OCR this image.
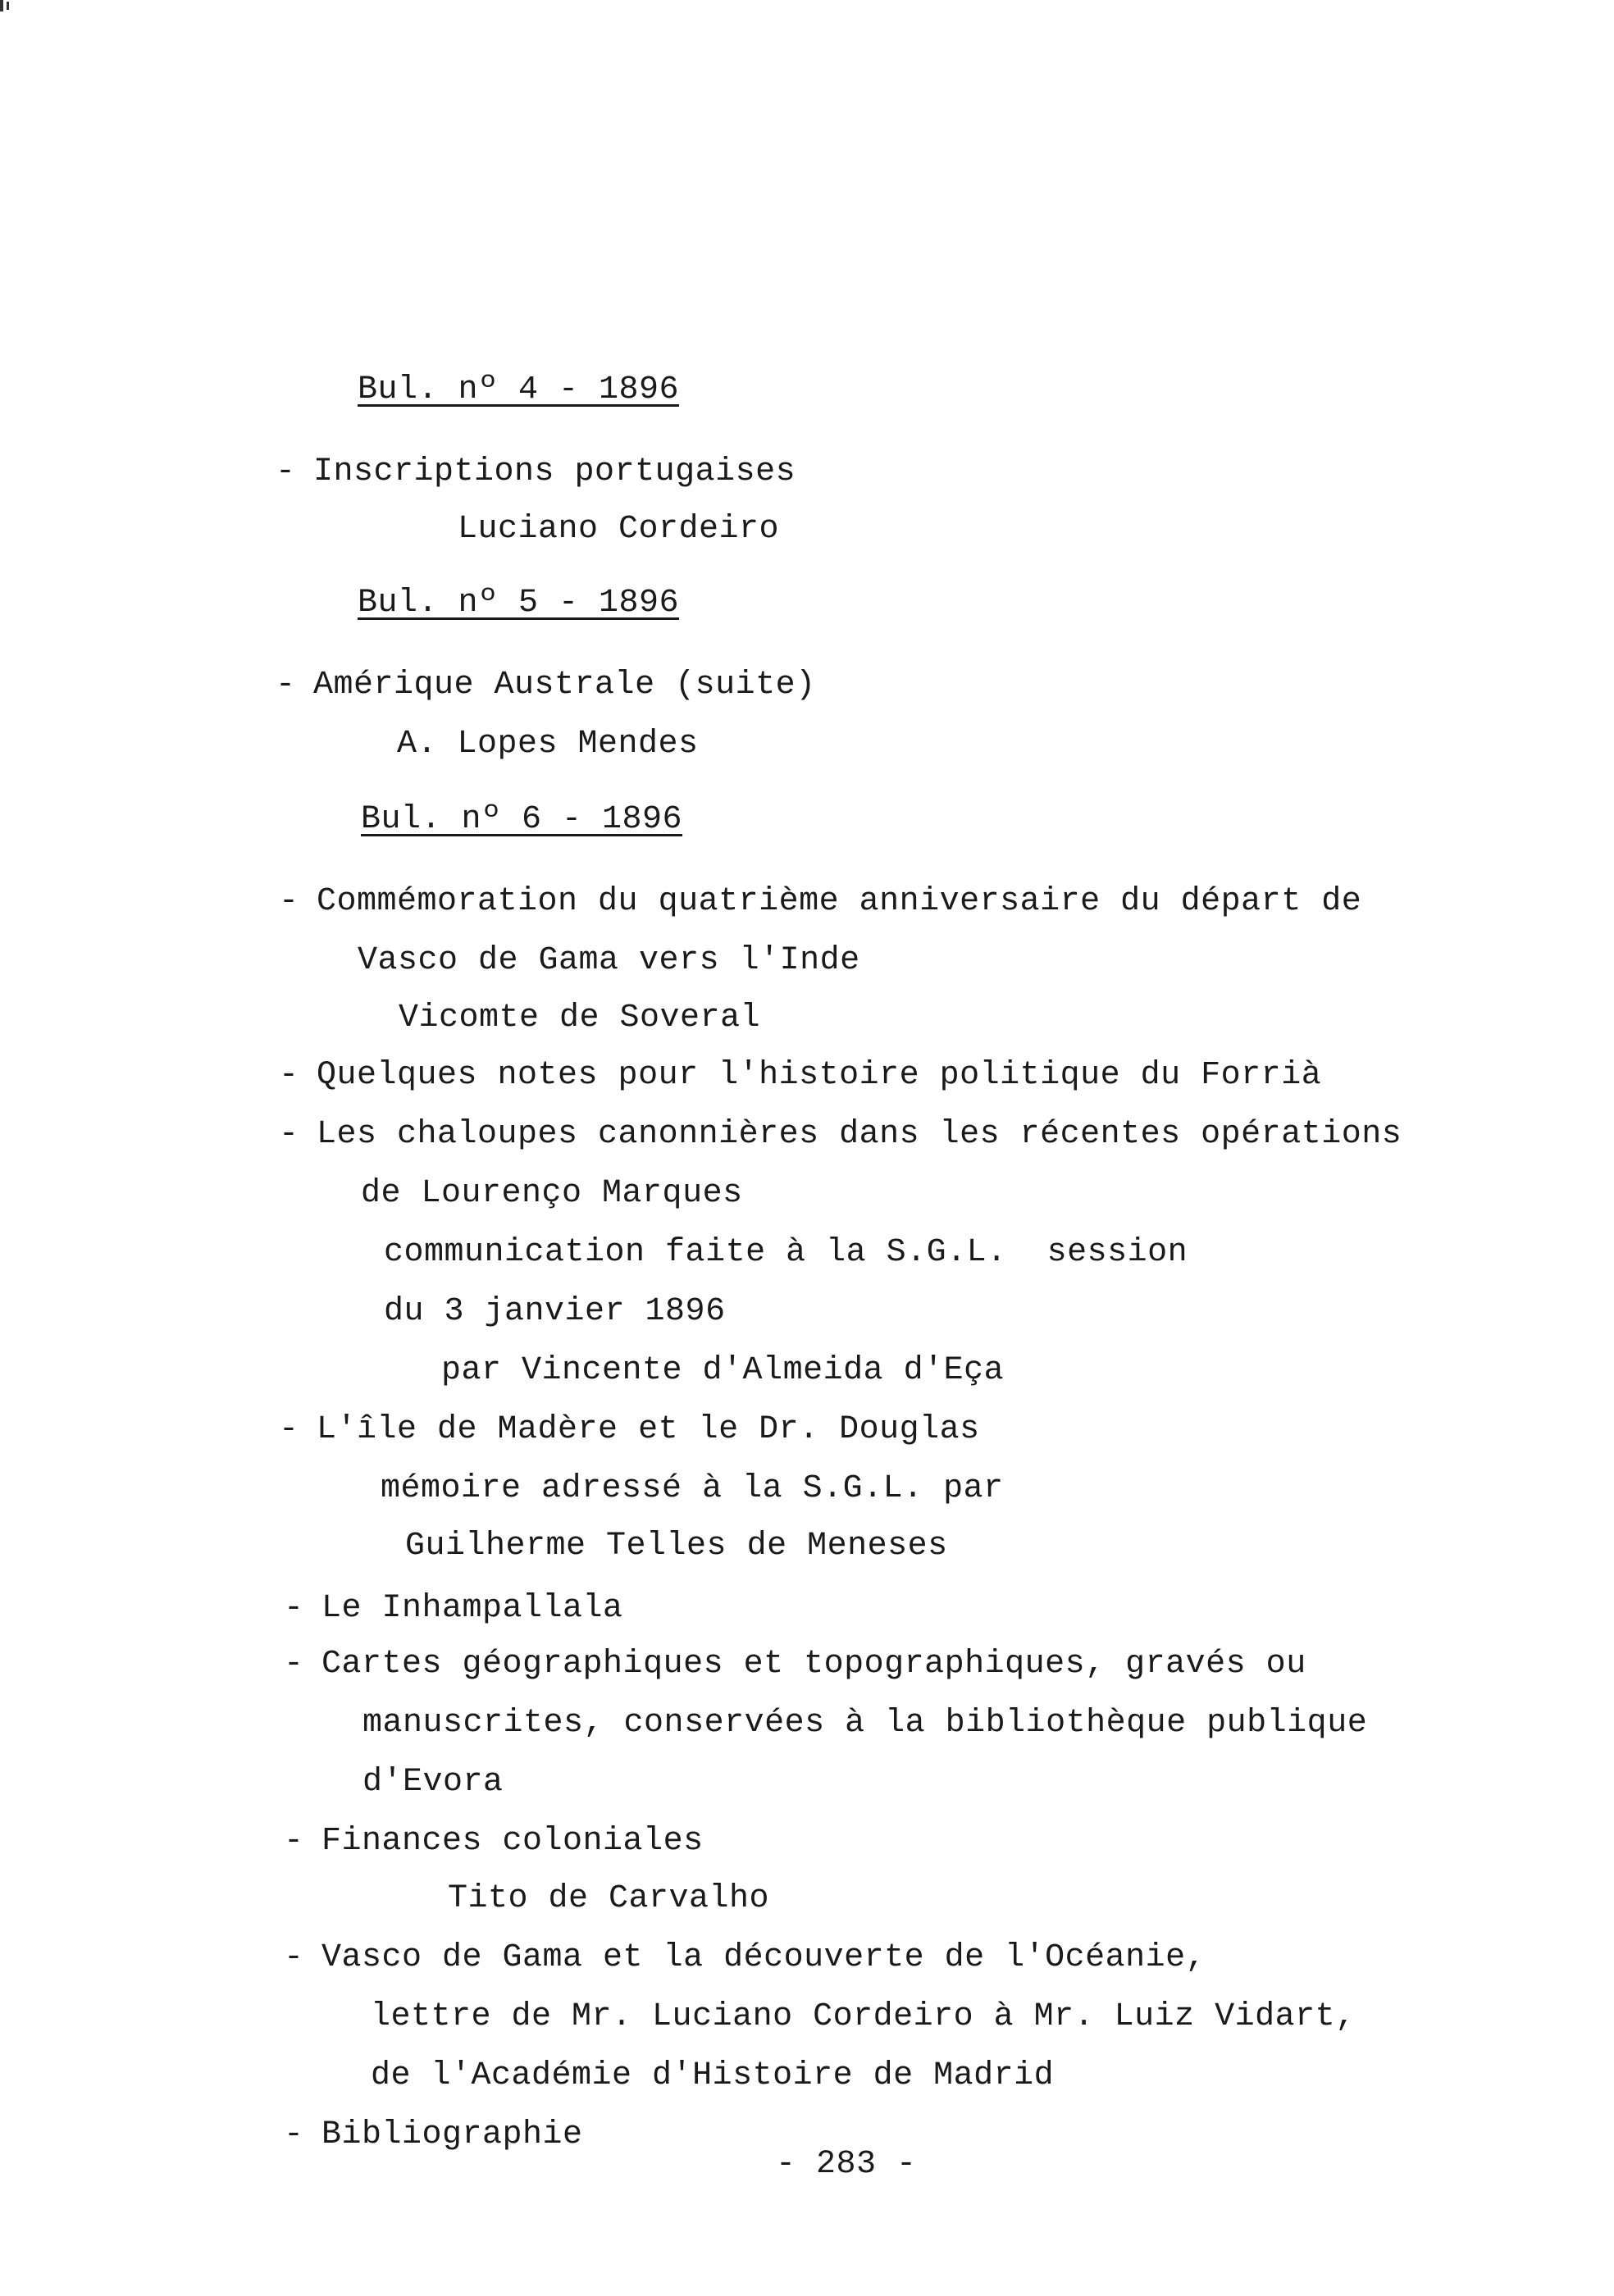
Bul. nº 4 - 1896
- Inscriptions portugaises
Luciano Cordeiro
Bul. nº 5 - 1896
- Amérique Australe (suite)
A. Lopes Mendes
Bul. nº 6 - 1896
- Commémoration du quatrième anniversaire du départ de
Vasco de Gama vers l'Inde
Vicomte de Soveral
- Quelques notes pour l'histoire politique du Forrià
- Les chaloupes canonnières dans les récentes opérations
de Lourenço Marques
communication faite à la S.G.L.  session
du 3 janvier 1896
par Vincente d'Almeida d'Eça
- L'île de Madère et le Dr. Douglas
mémoire adressé à la S.G.L. par
Guilherme Telles de Meneses
- Le Inhampallala
- Cartes géographiques et topographiques, gravés ou
manuscrites, conservées à la bibliothèque publique
d'Evora
- Finances coloniales
Tito de Carvalho
- Vasco de Gama et la découverte de l'Océanie,
lettre de Mr. Luciano Cordeiro à Mr. Luiz Vidart,
de l'Académie d'Histoire de Madrid
- Bibliographie
- 283 -
